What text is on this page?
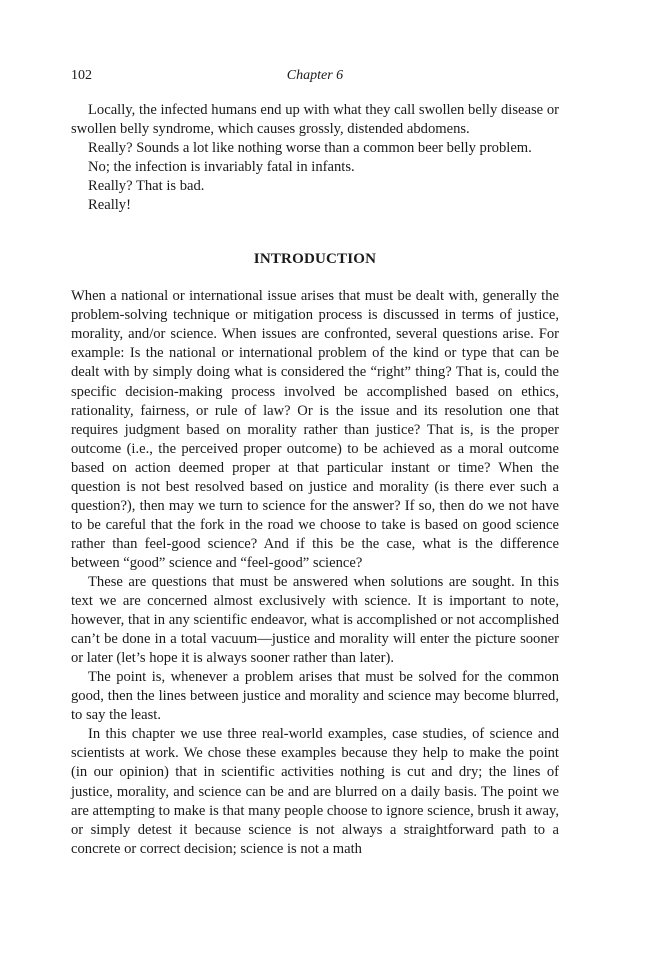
102	Chapter 6

Locally, the infected humans end up with what they call swollen belly disease or swollen belly syndrome, which causes grossly, distended abdomens.

Really? Sounds a lot like nothing worse than a common beer belly problem.

No; the infection is invariably fatal in infants.

Really? That is bad.

Really!

INTRODUCTION

When a national or international issue arises that must be dealt with, generally the problem-solving technique or mitigation process is discussed in terms of justice, morality, and/or science. When issues are confronted, several questions arise. For example: Is the national or international problem of the kind or type that can be dealt with by simply doing what is considered the “right” thing? That is, could the specific decision-making process involved be accomplished based on ethics, rationality, fairness, or rule of law? Or is the issue and its resolution one that requires judgment based on morality rather than justice? That is, is the proper outcome (i.e., the perceived proper outcome) to be achieved as a moral outcome based on action deemed proper at that particular instant or time? When the question is not best resolved based on justice and morality (is there ever such a question?), then may we turn to science for the answer? If so, then do we not have to be careful that the fork in the road we choose to take is based on good science rather than feel-good science? And if this be the case, what is the difference between “good” science and “feel-good” science?

These are questions that must be answered when solutions are sought. In this text we are concerned almost exclusively with science. It is important to note, however, that in any scientific endeavor, what is accomplished or not accomplished can’t be done in a total vacuum—justice and morality will enter the picture sooner or later (let’s hope it is always sooner rather than later).

The point is, whenever a problem arises that must be solved for the common good, then the lines between justice and morality and science may become blurred, to say the least.

In this chapter we use three real-world examples, case studies, of science and scientists at work. We chose these examples because they help to make the point (in our opinion) that in scientific activities nothing is cut and dry; the lines of justice, morality, and science can be and are blurred on a daily basis. The point we are attempting to make is that many people choose to ignore science, brush it away, or simply detest it because science is not always a straightforward path to a concrete or correct decision; science is not a math
